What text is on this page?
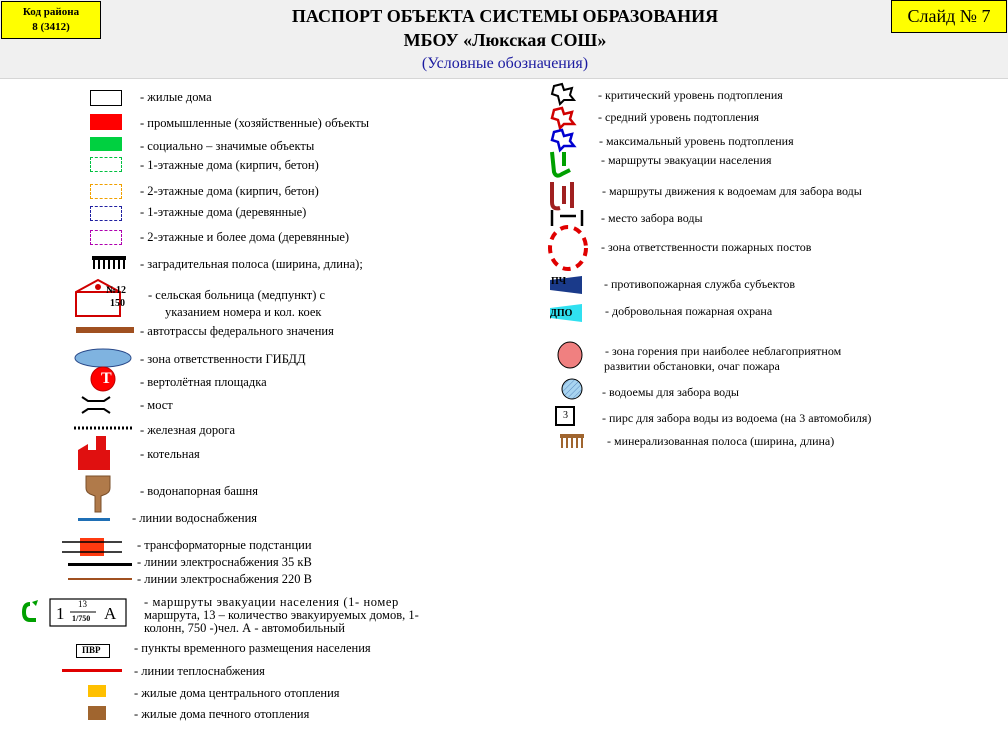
Код района
8 (3412)
ПАСПОРТ ОБЪЕКТА СИСТЕМЫ ОБРАЗОВАНИЯ
МБОУ «Люкская СОШ»
(Условные обозначения)
Слайд № 7
№12
150
Т
1 13
1/750 А
ПВР
- жилые дома
- промышленные (хозяйственные) объекты
- социально – значимые объекты
- 1-этажные дома (кирпич, бетон)
- 2-этажные дома (кирпич, бетон)
- 1-этажные дома (деревянные)
- 2-этажные и более дома (деревянные)
- заградительная полоса (ширина, длина);
- сельская больница (медпункт) с
указанием номера и кол. коек
- автотрассы федерального значения
- зона ответственности ГИБДД
- вертолётная площадка
- мост
- железная дорога
- котельная
- водонапорная башня
- линии водоснабжения
- трансформаторные подстанции
- линии электроснабжения 35 кВ
- линии электроснабжения 220 В
- маршруты эвакуации населения (1- номер
маршрута, 13 – количество эвакуируемых домов, 1-
колонн, 750 -)чел. А - автомобильный
- пункты временного размещения населения
- линии теплоснабжения
- жилые дома центрального отопления
- жилые дома печного отопления
ПЧ
ДПО
3
- критический уровень подтопления
- средний уровень подтопления
- максимальный уровень подтопления
- маршруты эвакуации населения
- маршруты движения к водоемам для забора воды
- место забора воды
- зона ответственности пожарных постов
- противопожарная служба субъектов
- добровольная пожарная охрана
- зона горения при наиболее неблагоприятном
развитии обстановки, очаг пожара
- водоемы для забора воды
- пирс для забора воды из водоема (на 3 автомобиля)
- минерализованная полоса (ширина, длина)
